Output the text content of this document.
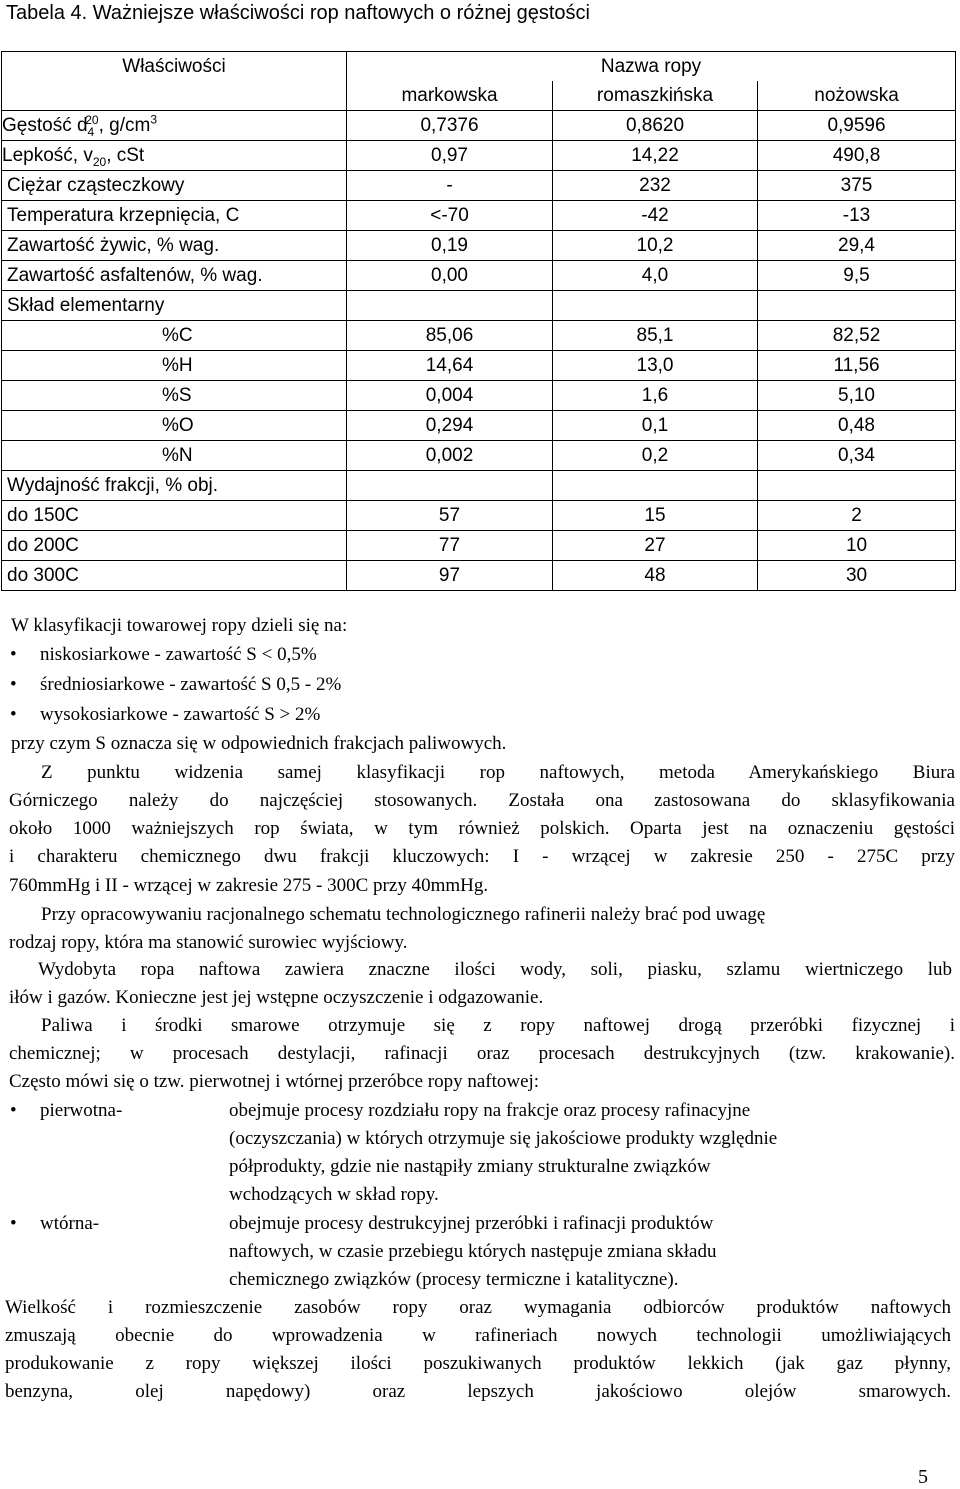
Tabela 4. Ważniejsze właściwości rop naftowych o różnej gęstości
Właściwości	Nazwa ropy		
	markowska	romaszkińska	nożowska
Gęstość $d_4^{20}$, $g/cm^3$	0,7376	0,8620	0,9596
Lepkość, $v_{20}$, cSt	0,97	14,22	490,8
Ciężar cząsteczkowy	-	232	375
Temperatura krzepnięcia, C	<-70	-42	-13
Zawartość żywic, % wag.	0,19	10,2	29,4
Zawartość asfaltenów, % wag.	0,00	4,0	9,5
Skład elementarny			
%C	85,06	85,1	82,52
%H	14,64	13,0	11,56
%S	0,004	1,6	5,10
%O	0,294	0,1	0,48
%N	0,002	0,2	0,34
Wydajność frakcji, % obj.			
do 150C	57	15	2
do 200C	77	27	10
do 300C	97	48	30
W klasyfikacji towarowej ropy dzieli się na:
• niskosiarkowe - zawartość S < 0,5%
• średniosiarkowe - zawartość S 0,5 - 2%
• wysokosiarkowe - zawartość S > 2%
przy czym S oznacza się w odpowiednich frakcjach paliwowych.
Z punktu widzenia samej klasyfikacji rop naftowych, metoda Amerykańskiego Biura
Górniczego należy do najczęściej stosowanych. Została ona zastosowana do sklasyfikowania
około 1000 ważniejszych rop świata, w tym również polskich. Oparta jest na oznaczeniu gęstości
i charakteru chemicznego dwu frakcji kluczowych: I - wrzącej w zakresie 250 - 275C przy
760mmHg i II - wrzącej w zakresie 275 - 300C przy 40mmHg.
Przy opracowywaniu racjonalnego schematu technologicznego rafinerii należy brać pod uwagę
rodzaj ropy, która ma stanowić surowiec wyjściowy.
Wydobyta ropa naftowa zawiera znaczne ilości wody, soli, piasku, szlamu wiertniczego lub
iłów i gazów. Konieczne jest jej wstępne oczyszczenie i odgazowanie.
Paliwa i środki smarowe otrzymuje się z ropy naftowej drogą przeróbki fizycznej i
chemicznej; w procesach destylacji, rafinacji oraz procesach destrukcyjnych (tzw. krakowanie).
Często mówi się o tzw. pierwotnej i wtórnej przeróbce ropy naftowej:
• pierwotna-	obejmuje procesy rozdziału ropy na frakcje oraz procesy rafinacyjne
(oczyszczania) w których otrzymuje się jakościowe produkty względnie
półprodukty, gdzie nie nastąpiły zmiany strukturalne związków
wchodzących w skład ropy.
• wtórna-	obejmuje procesy destrukcyjnej przeróbki i rafinacji produktów
naftowych, w czasie przebiegu których następuje zmiana składu
chemicznego związków (procesy termiczne i katalityczne).
Wielkość i rozmieszczenie zasobów ropy oraz wymagania odbiorców produktów naftowych
zmuszają obecnie do wprowadzenia w rafineriach nowych technologii umożliwiających
produkowanie z ropy większej ilości poszukiwanych produktów lekkich (jak gaz płynny,
benzyna, olej napędowy) oraz lepszych jakościowo olejów smarowych.
5
